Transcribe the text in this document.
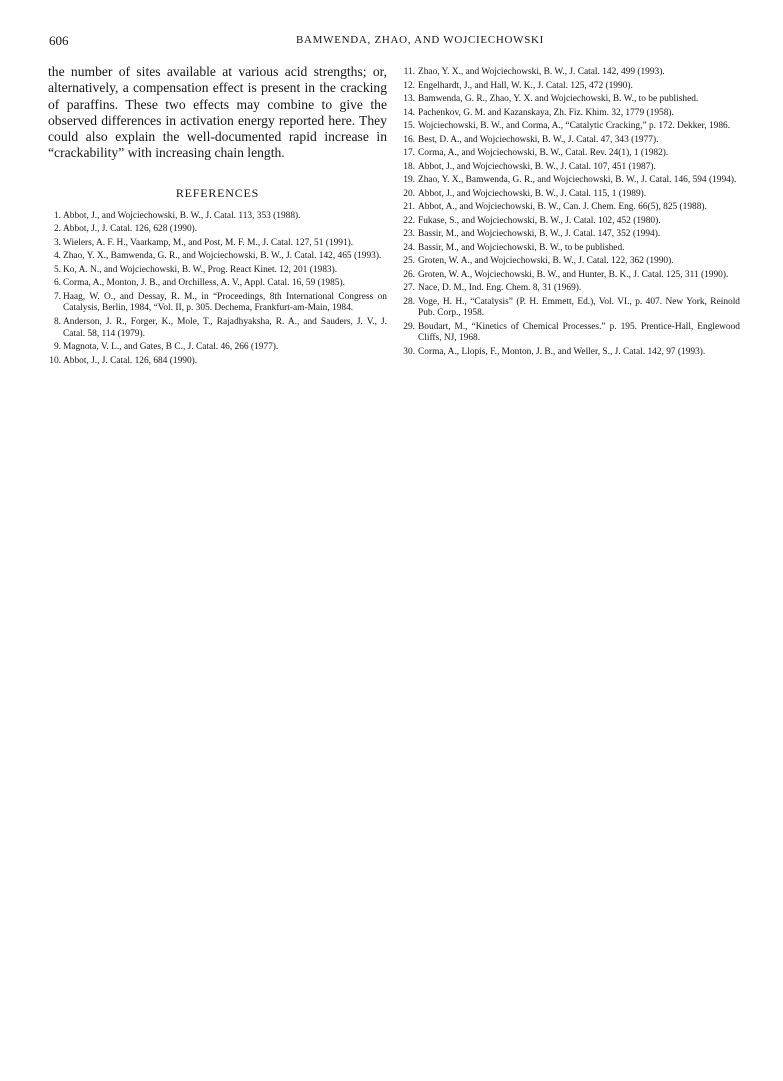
606	BAMWENDA, ZHAO, AND WOJCIECHOWSKI

the number of sites available at various acid strengths; or, alternatively, a compensation effect is present in the cracking of paraffins. These two effects may combine to give the observed differences in activation energy reported here. They could also explain the well-documented rapid increase in “crackability” with increasing chain length.

REFERENCES
1. Abbot, J., and Wojciechowski, B. W., J. Catal. 113, 353 (1988).
2. Abbot, J., J. Catal. 126, 628 (1990).
3. Wielers, A. F. H., Vaarkamp, M., and Post, M. F. M., J. Catal. 127, 51 (1991).
4. Zhao, Y. X., Bamwenda, G. R., and Wojciechowski, B. W., J. Catal. 142, 465 (1993).
5. Ko, A. N., and Wojciechowski, B. W., Prog. React Kinet. 12, 201 (1983).
6. Corma, A., Monton, J. B., and Orchilless, A. V., Appl. Catal. 16, 59 (1985).
7. Haag, W. O., and Dessay, R. M., in “Proceedings, 8th International Congress on Catalysis, Berlin, 1984, “Vol. II, p. 305. Dechema, Frankfurt-am-Main, 1984.
8. Anderson, J. R., Forger, K., Mole, T., Rajadhyaksha, R. A., and Sauders, J. V., J. Catal. 58, 114 (1979).
9. Magnota, V. L., and Gates, B C., J. Catal. 46, 266 (1977).
10. Abbot, J., J. Catal. 126, 684 (1990).
11. Zhao, Y. X., and Wojciechowski, B. W., J. Catal. 142, 499 (1993).
12. Engelhardt, J., and Hall, W. K., J. Catal. 125, 472 (1990).
13. Bamwenda, G. R., Zhao, Y. X. and Wojciechowski, B. W., to be published.
14. Pachenkov, G. M. and Kazanskaya, Zh. Fiz. Khim. 32, 1779 (1958).
15. Wojciechowski, B. W., and Corma, A., “Catalytic Cracking,” p. 172. Dekker, 1986.
16. Best, D. A., and Wojciechowski, B. W., J. Catal. 47, 343 (1977).
17. Corma, A., and Wojciechowski, B. W., Catal. Rev. 24(1), 1 (1982).
18. Abbot, J., and Wojciechowski, B. W., J. Catal. 107, 451 (1987).
19. Zhao, Y. X., Bamwenda, G. R., and Wojciechowski, B. W., J. Catal. 146, 594 (1994).
20. Abbot, J., and Wojciechowski, B. W., J. Catal. 115, 1 (1989).
21. Abbot, A., and Wojciechowski, B. W., Can. J. Chem. Eng. 66(5), 825 (1988).
22. Fukase, S., and Wojciechowski, B. W., J. Catal. 102, 452 (1980).
23. Bassir, M., and Wojciechowski, B. W., J. Catal. 147, 352 (1994).
24. Bassir, M., and Wojciechowski, B. W., to be published.
25. Groten, W. A., and Wojciechowski, B. W., J. Catal. 122, 362 (1990).
26. Groten, W. A., Wojciechowski, B. W., and Hunter, B. K., J. Catal. 125, 311 (1990).
27. Nace, D. M., Ind. Eng. Chem. 8, 31 (1969).
28. Voge, H. H., “Catalysis” (P. H. Emmett, Ed.), Vol. VI., p. 407. New York, Reinold Pub. Corp., 1958.
29. Boudart, M., “Kinetics of Chemical Processes.” p. 195. Prentice-Hall, Englewood Cliffs, NJ, 1968.
30. Corma, A., Llopis, F., Monton, J. B., and Weller, S., J. Catal. 142, 97 (1993).
